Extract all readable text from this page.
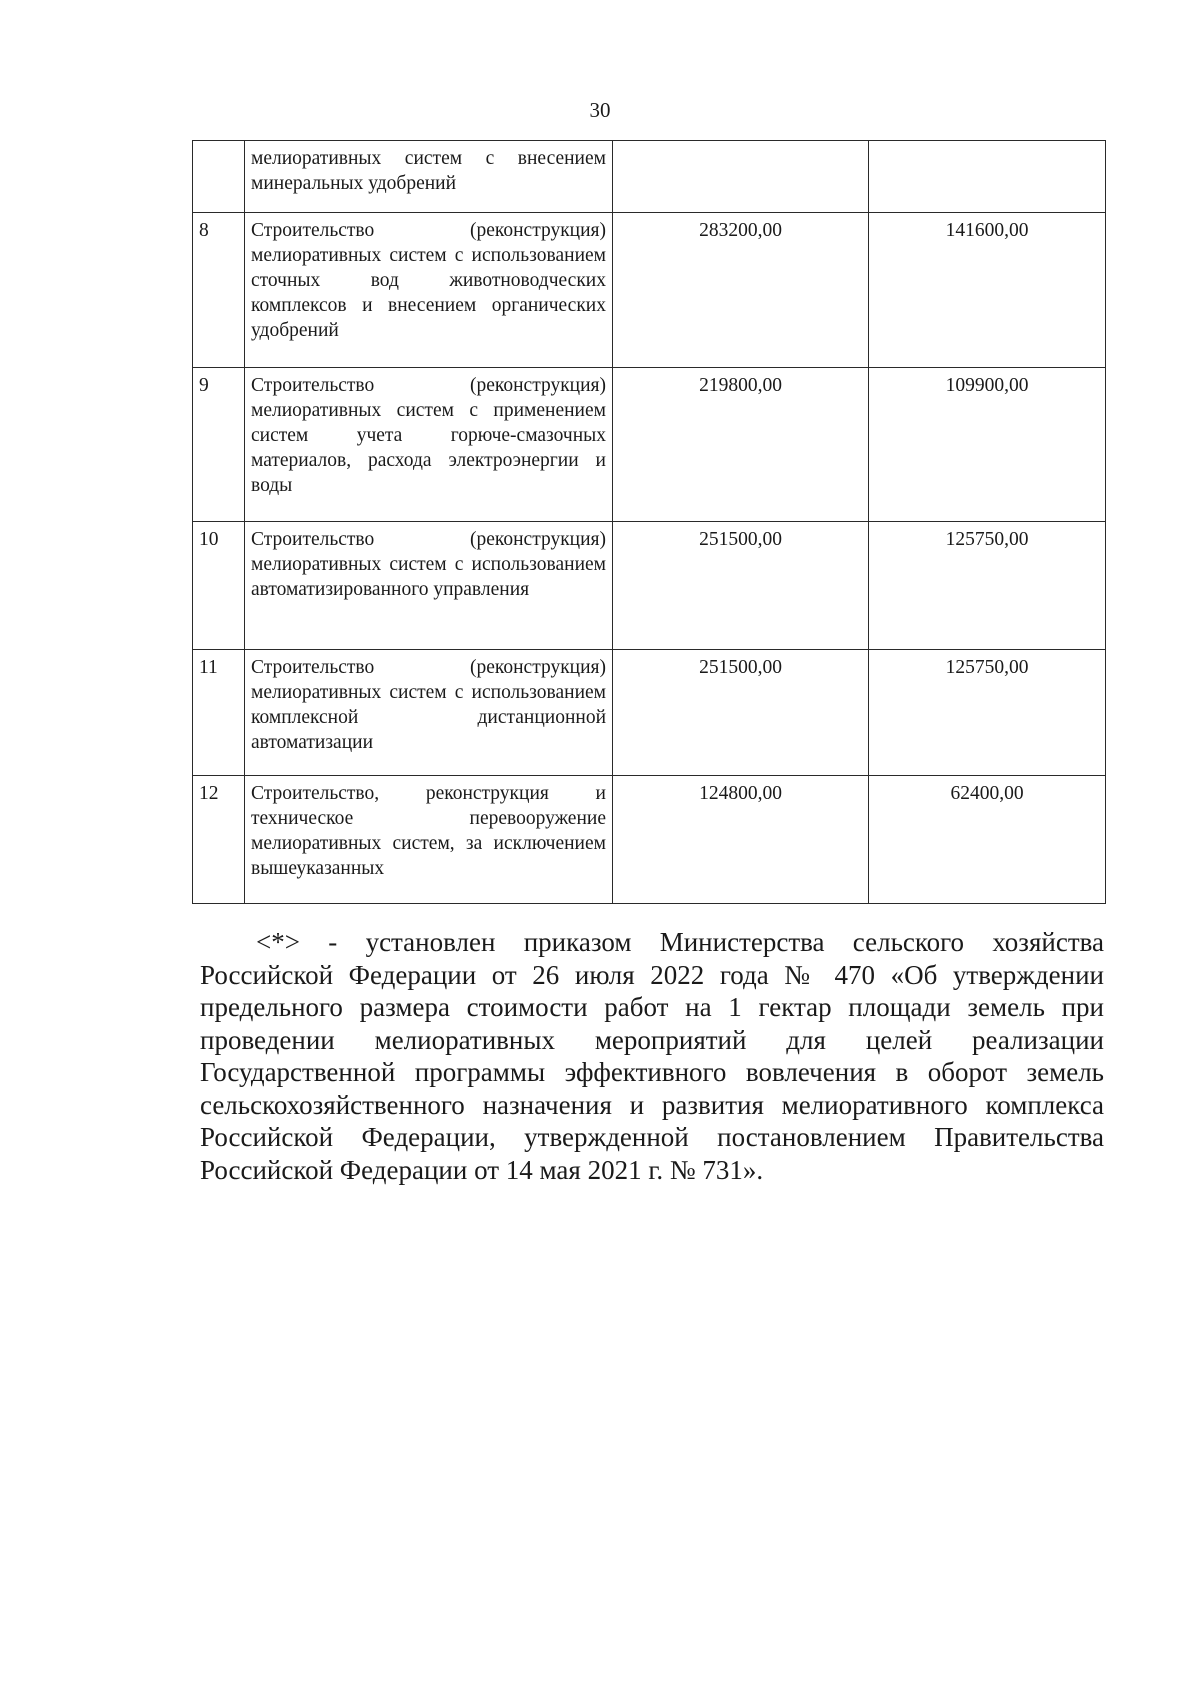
30
	мелиоративных систем с внесением минеральных удобрений		
8	Строительство (реконструкция) мелиоративных систем с использованием сточных вод животноводческих комплексов и внесением органических удобрений	283200,00	141600,00
9	Строительство (реконструкция) мелиоративных систем с применением систем учета горюче-смазочных материалов, расхода электроэнергии и воды	219800,00	109900,00
10	Строительство (реконструкция) мелиоративных систем с использованием автоматизированного управления	251500,00	125750,00
11	Строительство (реконструкция) мелиоративных систем с использованием комплексной дистанционной автоматизации	251500,00	125750,00
12	Строительство, реконструкция и техническое перевооружение мелиоративных систем, за исключением вышеуказанных	124800,00	62400,00

<*> - установлен приказом Министерства сельского хозяйства Российской Федерации от 26 июля 2022 года № 470 «Об утверждении предельного размера стоимости работ на 1 гектар площади земель при проведении мелиоративных мероприятий для целей реализации Государственной программы эффективного вовлечения в оборот земель сельскохозяйственного назначения и развития мелиоративного комплекса Российской Федерации, утвержденной постановлением Правительства Российской Федерации от 14 мая 2021 г. № 731».
